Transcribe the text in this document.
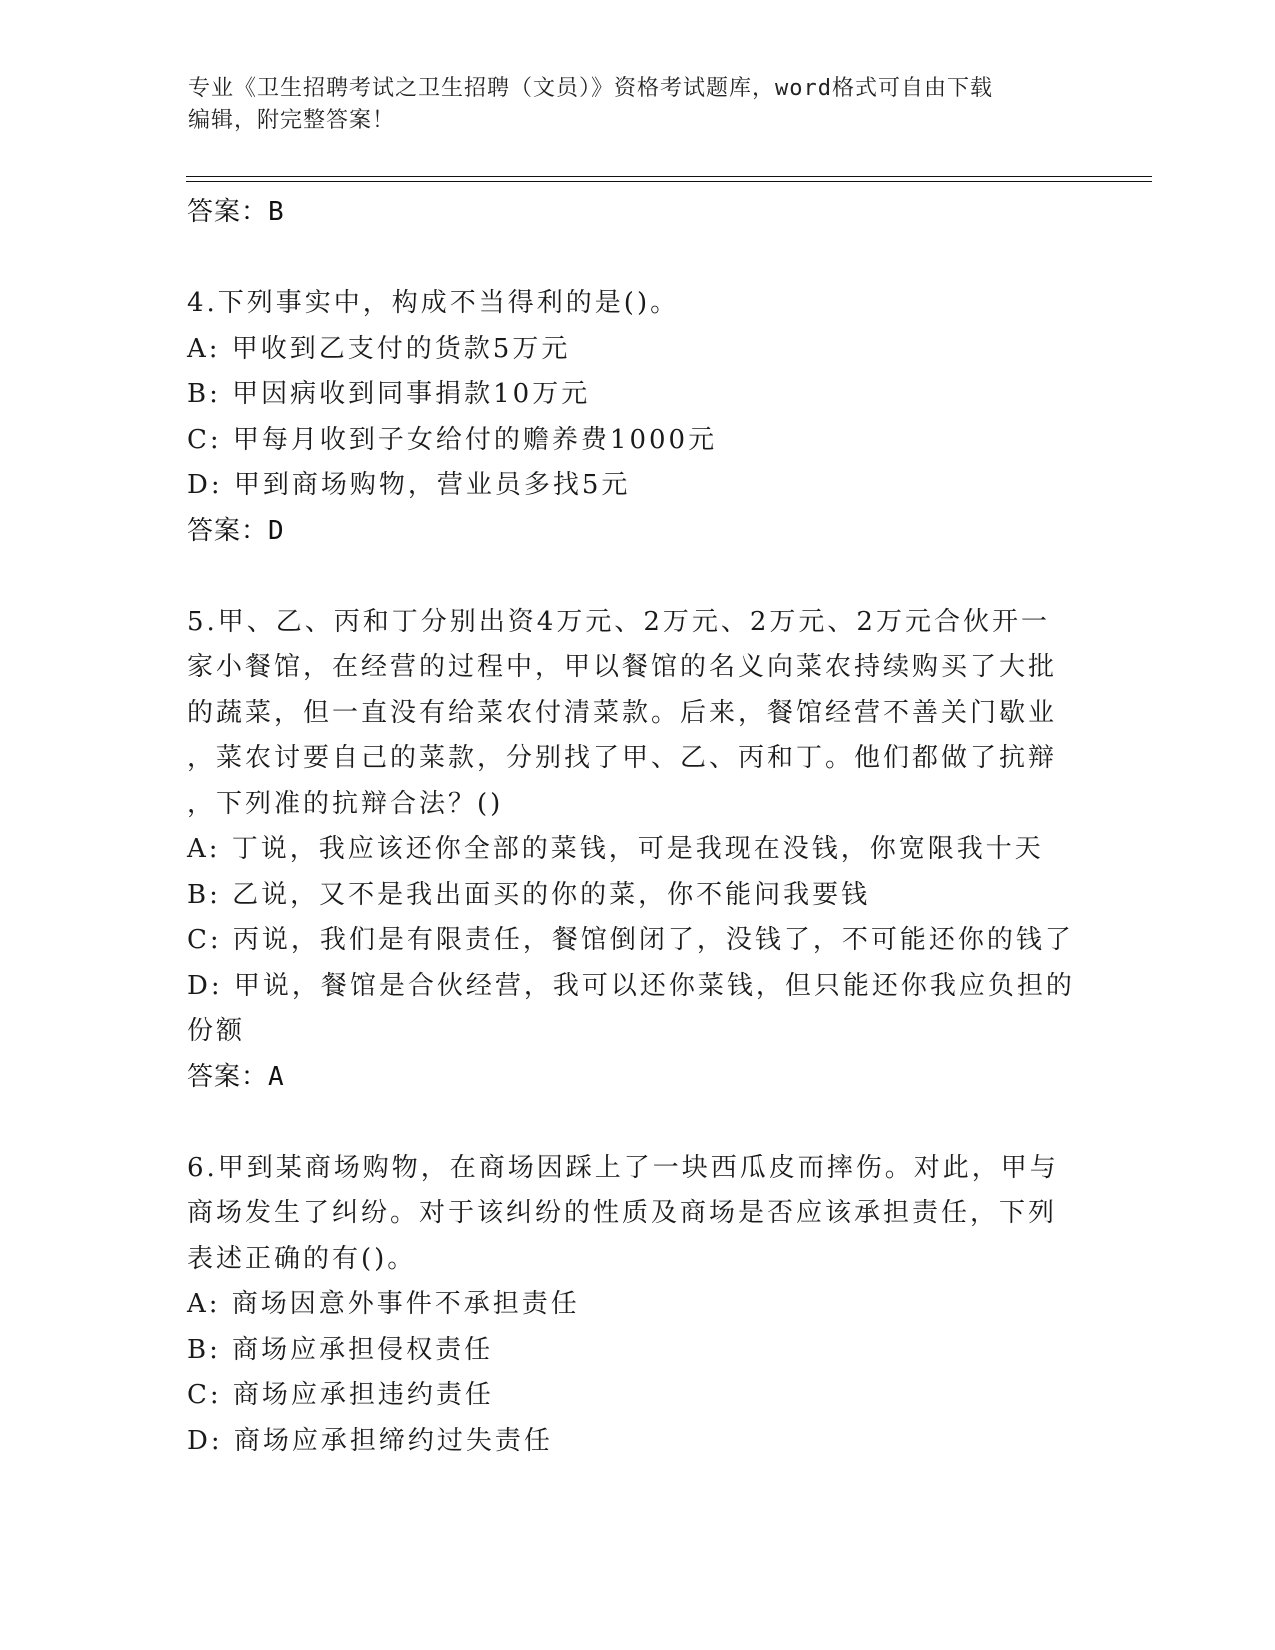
专业《卫生招聘考试之卫生招聘（文员）》资格考试题库，word格式可自由下载
编辑，附完整答案！
答案：B
4.下列事实中，构成不当得利的是()。
A: 甲收到乙支付的货款5万元
B: 甲因病收到同事捐款10万元
C: 甲每月收到子女给付的赡养费1000元
D: 甲到商场购物，营业员多找5元
答案：D
5.甲、乙、丙和丁分别出资4万元、2万元、2万元、2万元合伙开一
家小餐馆，在经营的过程中，甲以餐馆的名义向菜农持续购买了大批
的蔬菜，但一直没有给菜农付清菜款。后来，餐馆经营不善关门歇业
，菜农讨要自己的菜款，分别找了甲、乙、丙和丁。他们都做了抗辩
，下列准的抗辩合法？()
A: 丁说，我应该还你全部的菜钱，可是我现在没钱，你宽限我十天
B: 乙说，又不是我出面买的你的菜，你不能问我要钱
C: 丙说，我们是有限责任，餐馆倒闭了，没钱了，不可能还你的钱了
D: 甲说，餐馆是合伙经营，我可以还你菜钱，但只能还你我应负担的
份额
答案：A
6.甲到某商场购物，在商场因踩上了一块西瓜皮而摔伤。对此，甲与
商场发生了纠纷。对于该纠纷的性质及商场是否应该承担责任，下列
表述正确的有()。
A: 商场因意外事件不承担责任
B: 商场应承担侵权责任
C: 商场应承担违约责任
D: 商场应承担缔约过失责任
